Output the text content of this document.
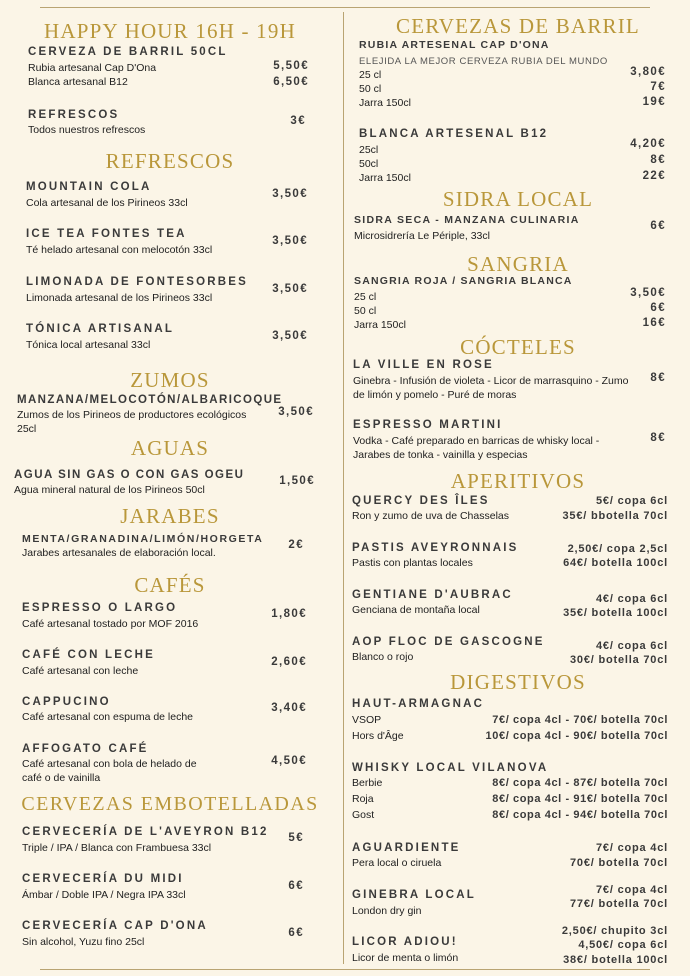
HAPPY HOUR 16H - 19H
CERVEZA DE BARRIL 50CL
Rubia artesanal Cap D'Ona
Blanca artesanal B12
5,50€
6,50€
REFRESCOS
Todos nuestros refrescos
3€
REFRESCOS
MOUNTAIN COLA
Cola artesanal de los Pirineos 33cl
3,50€
ICE TEA FONTES TEA
Té helado artesanal con melocotón 33cl
3,50€
LIMONADA DE FONTESORBES
Limonada artesanal de los Pirineos 33cl
3,50€
TÓNICA ARTISANAL
Tónica local artesanal 33cl
3,50€
ZUMOS
MANZANA/MELOCOTÓN/ALBARICOQUE
Zumos de los Pirineos de productores ecológicos 25cl
3,50€
AGUAS
AGUA SIN GAS O CON GAS OGEU
Agua mineral natural de los Pirineos 50cl
1,50€
JARABES
MENTA/GRANADINA/LIMÓN/HORGETA
Jarabes artesanales de elaboración local.
2€
CAFÉS
ESPRESSO O LARGO
Café artesanal tostado por MOF 2016
1,80€
CAFÉ CON LECHE
Café artesanal con leche
2,60€
CAPPUCINO
Café artesanal con espuma de leche
3,40€
AFFOGATO CAFÉ
Café artesanal con bola de helado de café o de vainilla
4,50€
CERVEZAS EMBOTELLADAS
CERVECERÍA DE L'AVEYRON B12
Triple / IPA / Blanca con Frambuesa 33cl
5€
CERVECERÍA DU MIDI
Ámbar / Doble IPA / Negra IPA 33cl
6€
CERVECERÍA CAP D'ONA
Sin alcohol, Yuzu fino 25cl
6€
CERVEZAS DE BARRIL
RUBIA ARTESENAL CAP D'ONA
ELEJIDA LA MEJOR CERVEZA RUBIA DEL MUNDO
25 cl
50 cl
Jarra 150cl
3,80€
7€
19€
BLANCA ARTESENAL B12
25cl
50cl
Jarra 150cl
4,20€
8€
22€
SIDRA LOCAL
SIDRA SECA - MANZANA CULINARIA
Microsidrería Le Périple, 33cl
6€
SANGRIA
SANGRIA ROJA / SANGRIA BLANCA
25 cl
50 cl
Jarra 150cl
3,50€
6€
16€
CÓCTELES
LA VILLE EN ROSE
Ginebra - Infusión de violeta - Licor de marrasquino - Zumo de limón y pomelo - Puré de moras
8€
ESPRESSO MARTINI
Vodka - Café preparado en barricas de whisky local - Jarabes de tonka - vainilla y especias
8€
APERITIVOS
QUERCY DES ÎLES
Ron y zumo de uva de Chasselas
5€/ copa 6cl
35€/ bbotella 70cl
PASTIS AVEYRONNAIS
Pastis con plantas locales
2,50€/ copa 2,5cl
64€/ botella 100cl
GENTIANE D'AUBRAC
Genciana de montaña local
4€/ copa 6cl
35€/ botella 100cl
AOP FLOC DE GASCOGNE
Blanco o rojo
4€/ copa 6cl
30€/ botella 70cl
DIGESTIVOS
HAUT-ARMAGNAC
VSOP
Hors d'Âge
7€/ copa 4cl - 70€/ botella 70cl
10€/ copa 4cl - 90€/ botella 70cl
WHISKY LOCAL VILANOVA
Berbie
Roja
Gost
8€/ copa 4cl - 87€/ botella 70cl
8€/ copa 4cl - 91€/ botella 70cl
8€/ copa 4cl - 94€/ botella 70cl
AGUARDIENTE
Pera local o ciruela
7€/ copa 4cl
70€/ botella 70cl
GINEBRA LOCAL
London dry gin
7€/ copa 4cl
77€/ botella 70cl
LICOR ADIOU!
Licor de menta o limón
2,50€/ chupito 3cl
4,50€/ copa 6cl
38€/ botella 100cl
